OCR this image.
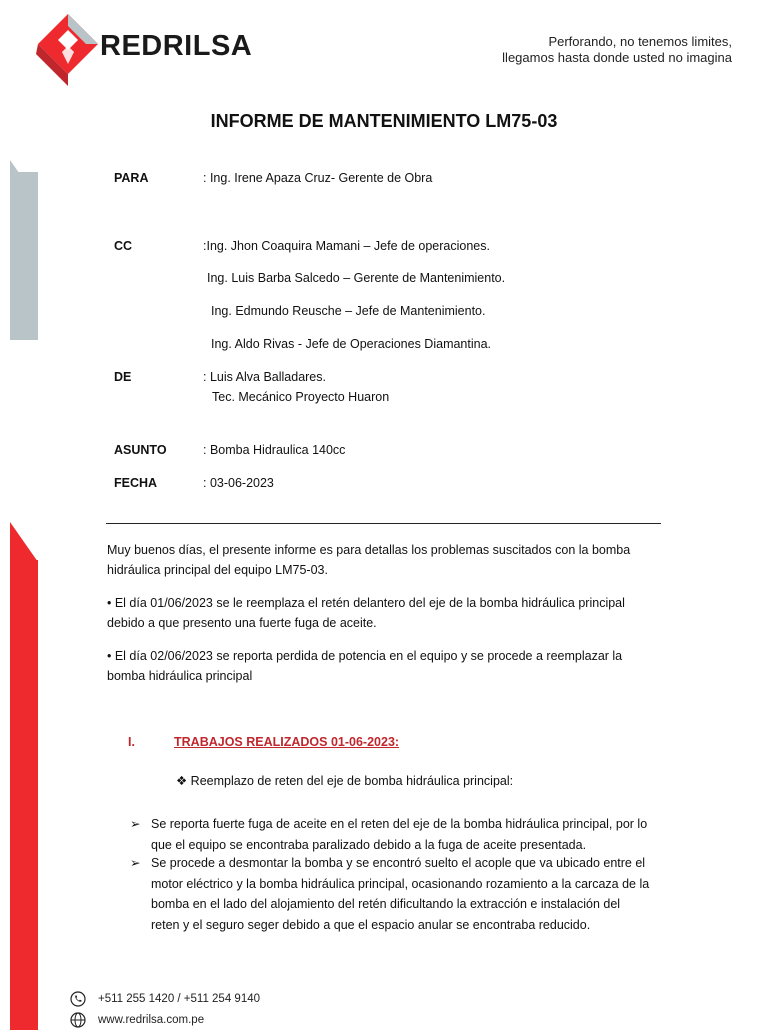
REDRILSA	Perforando, no tenemos limites,
llegamos hasta donde usted no imagina
INFORME DE MANTENIMIENTO LM75-03
PARA	: Ing. Irene Apaza Cruz- Gerente de Obra
CC	:Ing. Jhon Coaquira Mamani – Jefe de operaciones.
Ing. Luis Barba Salcedo – Gerente de Mantenimiento.
Ing. Edmundo Reusche – Jefe de Mantenimiento.
Ing. Aldo Rivas - Jefe de Operaciones Diamantina.
DE	: Luis Alva Balladares.
Tec. Mecánico Proyecto Huaron
ASUNTO	: Bomba Hidraulica 140cc
FECHA	: 03-06-2023
Muy buenos días, el presente informe es para detallas los problemas suscitados con la bomba
hidráulica principal del equipo LM75-03.
• El día 01/06/2023 se le reemplaza el retén delantero del eje de la bomba hidráulica principal
debido a que presento una fuerte fuga de aceite.
• El día 02/06/2023 se reporta perdida de potencia en el equipo y se procede a reemplazar la
bomba hidráulica principal
I.	TRABAJOS REALIZADOS 01-06-2023:
❖ Reemplazo de reten del eje de bomba hidráulica principal:
➢ Se reporta fuerte fuga de aceite en el reten del eje de la bomba hidráulica principal, por lo
que el equipo se encontraba paralizado debido a la fuga de aceite presentada.
➢ Se procede a desmontar la bomba y se encontró suelto el acople que va ubicado entre el
motor eléctrico y la bomba hidráulica principal, ocasionando rozamiento a la carcaza de la
bomba en el lado del alojamiento del retén dificultando la extracción e instalación del
reten y el seguro seger debido a que el espacio anular se encontraba reducido.
+511 255 1420 / +511 254 9140
www.redrilsa.com.pe
